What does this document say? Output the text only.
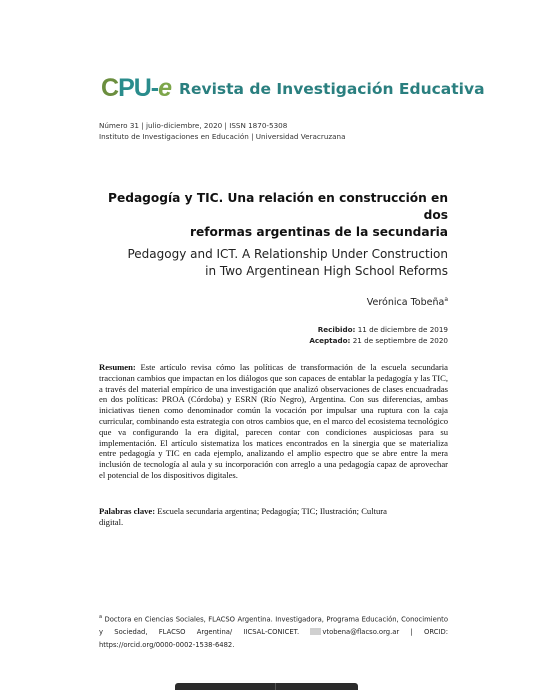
CPU-e Revista de Investigación Educativa
Número 31 | julio-diciembre, 2020 | ISSN 1870-5308
Instituto de Investigaciones en Educación | Universidad Veracruzana
Pedagogía y TIC. Una relación en construcción en dos
reformas argentinas de la secundaria
Pedagogy and ICT. A Relationship Under Construction
in Two Argentinean High School Reforms
Verónica Tobeña$^a$
Recibido: 11 de diciembre de 2019
Aceptado: 21 de septiembre de 2020
Resumen: Este artículo revisa cómo las políticas de transformación de la escuela secundaria traccionan cambios que impactan en los diálogos que son capaces de entablar la pedagogía y las TIC, a través del material empírico de una investigación que analizó observaciones de clases encuadradas en dos políticas: PROA (Córdoba) y ESRN (Río Negro), Argentina. Con sus diferencias, ambas iniciativas tienen como denominador común la vocación por impulsar una ruptura con la caja curricular, combinando esta estrategia con otros cambios que, en el marco del ecosistema tecnológico que va configurando la era digital, parecen contar con condiciones auspiciosas para su implementación. El artículo sistematiza los matices encontrados en la sinergia que se materializa entre pedagogía y TIC en cada ejemplo, analizando el amplio espectro que se abre entre la mera inclusión de tecnología al aula y su incorporación con arreglo a una pedagogía capaz de aprovechar el potencial de los dispositivos digitales.
Palabras clave: Escuela secundaria argentina; Pedagogía; TIC; Ilustración; Cultura digital.
$^a$ Doctora en Ciencias Sociales, FLACSO Argentina. Investigadora, Programa Educación, Conocimiento y Sociedad, FLACSO Argentina/ IICSAL-CONICET.	vtobena@flacso.org.ar | ORCID: https://orcid.org/0000-0002-1538-6482.
